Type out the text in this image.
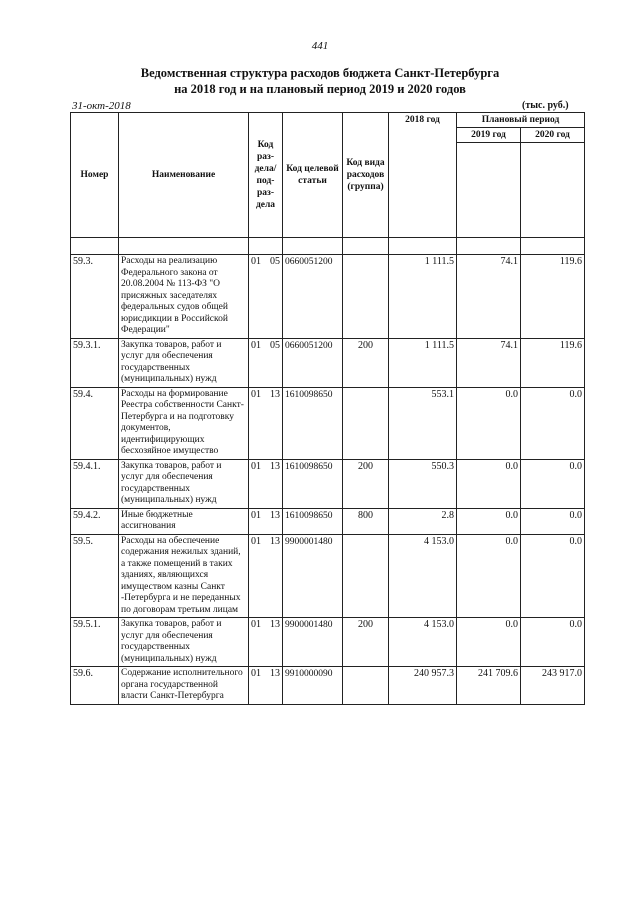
441
Ведомственная структура расходов бюджета Санкт-Петербурга
на 2018 год и на плановый период 2019 и 2020 годов
31-окт-2018	(тыс. руб.)
Номер	Наименование	Код раз-дела/ под-раз-дела	Код целевой статьи	Код вида расходов (группа)	2018 год	Плановый период	
						2019 год	2020 год

59.3.	Расходы на реализацию Федерального закона от 20.08.2004 № 113-ФЗ "О присяжных заседателях федеральных судов общей юрисдикции в Российской Федерации"	01 05	0660051200		1 111.5	74.1	119.6
59.3.1.	Закупка товаров, работ и услуг для обеспечения государственных (муниципальных) нужд	01 05	0660051200	200	1 111.5	74.1	119.6
59.4.	Расходы на формирование Реестра собственности Санкт-Петербурга и на подготовку документов, идентифицирующих бесхозяйное имущество	01 13	1610098650		553.1	0.0	0.0
59.4.1.	Закупка товаров, работ и услуг для обеспечения государственных (муниципальных) нужд	01 13	1610098650	200	550.3	0.0	0.0
59.4.2.	Иные бюджетные ассигнования	01 13	1610098650	800	2.8	0.0	0.0
59.5.	Расходы на обеспечение содержания нежилых зданий, а также помещений в таких зданиях, являющихся имуществом казны Санкт -Петербурга и не переданных по договорам третьим лицам	01 13	9900001480		4 153.0	0.0	0.0
59.5.1.	Закупка товаров, работ и услуг для обеспечения государственных (муниципальных) нужд	01 13	9900001480	200	4 153.0	0.0	0.0
59.6.	Содержание исполнительного органа государственной власти Санкт-Петербурга	01 13	9910000090		240 957.3	241 709.6	243 917.0
